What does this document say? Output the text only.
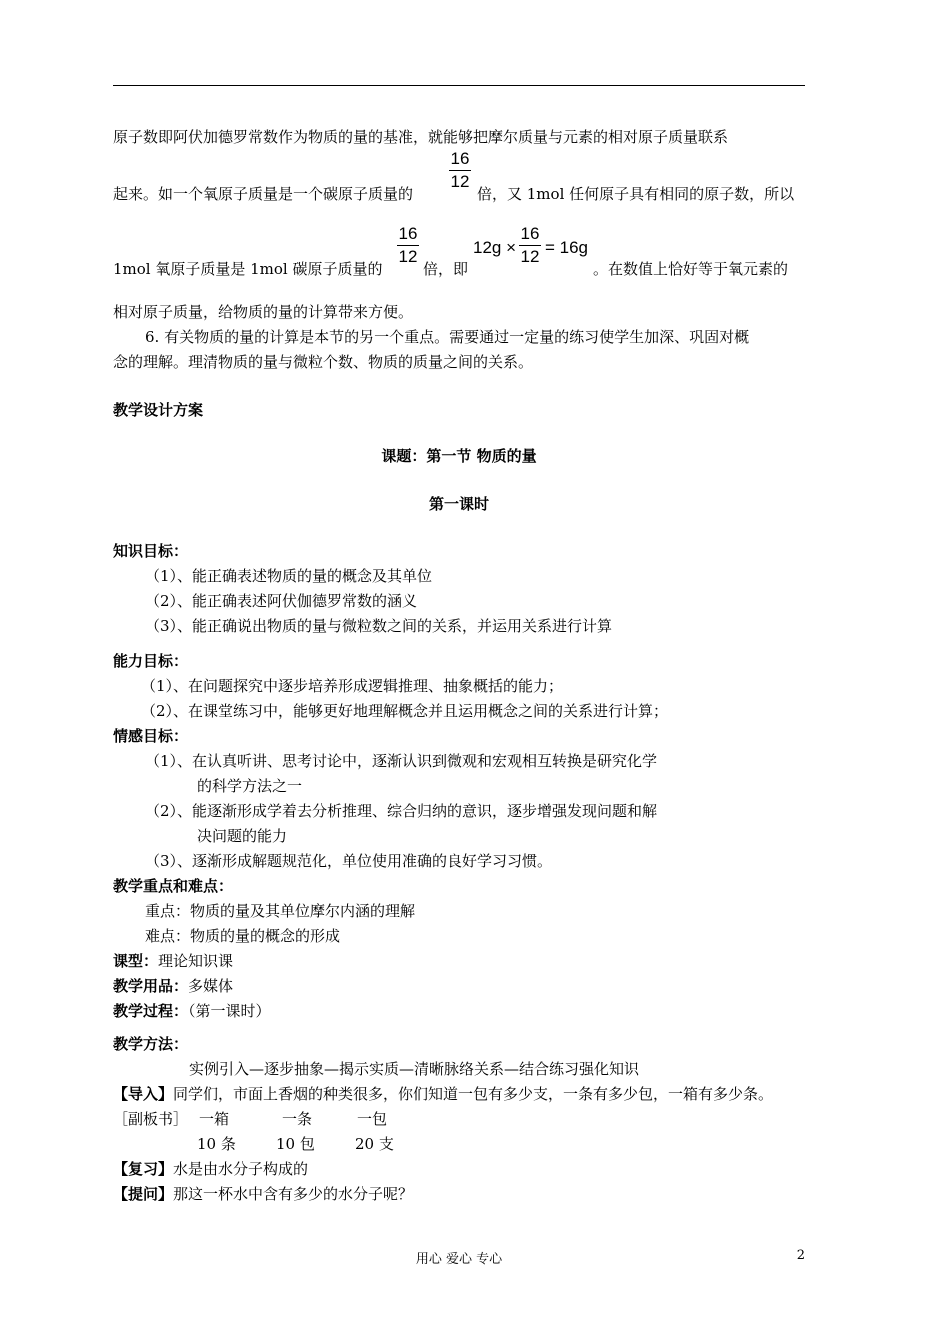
原子数即阿伏加德罗常数作为物质的量的基准，就能够把摩尔质量与元素的相对原子质量联系
16
12
起来。如一个氧原子质量是一个碳原子质量的	倍，又 1mol 任何原子具有相同的原子数，所以
16
12
1mol 氧原子质量是 1mol 碳原子质量的	倍，即
12g ×
16
12 = 16g
。在数值上恰好等于氧元素的
相对原子质量，给物质的量的计算带来方便。
6. 有关物质的量的计算是本节的另一个重点。需要通过一定量的练习使学生加深、巩固对概
念的理解。理清物质的量与微粒个数、物质的质量之间的关系。
教学设计方案
课题：第一节 物质的量
第一课时
知识目标：
（1）、能正确表述物质的量的概念及其单位
（2）、能正确表述阿伏伽德罗常数的涵义
（3）、能正确说出物质的量与微粒数之间的关系，并运用关系进行计算
能力目标：
（1）、在问题探究中逐步培养形成逻辑推理、抽象概括的能力；
（2）、在课堂练习中，能够更好地理解概念并且运用概念之间的关系进行计算；
情感目标：
（1）、在认真听讲、思考讨论中，逐渐认识到微观和宏观相互转换是研究化学
的科学方法之一
（2）、能逐渐形成学着去分析推理、综合归纳的意识，逐步增强发现问题和解
决问题的能力
（3）、逐渐形成解题规范化，单位使用准确的良好学习习惯。
教学重点和难点：
重点：物质的量及其单位摩尔内涵的理解
难点：物质的量的概念的形成
课型：理论知识课
教学用品：多媒体
教学过程：（第一课时）
教学方法：
实例引入—逐步抽象—揭示实质—清晰脉络关系—结合练习强化知识
【导入】同学们，市面上香烟的种类很多，你们知道一包有多少支，一条有多少包，一箱有多少条。
［副板书］ 一箱	一条	一包
10 条	10 包	20 支
【复习】水是由水分子构成的
【提问】那这一杯水中含有多少的水分子呢？
用心 爱心 专心	2
